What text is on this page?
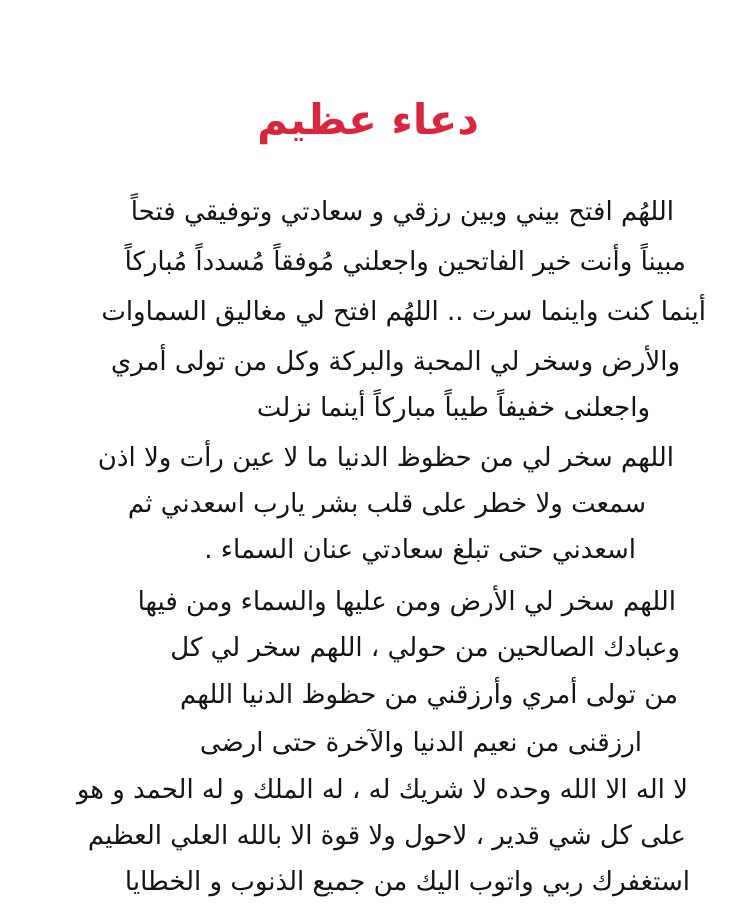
دعاء عظيم
اللهُم افتح بيني وبين رزقي و سعادتي وتوفيقي فتحاً
مبيناً وأنت خير الفاتحين واجعلني مُوفقاً مُسدداً مُباركاً
أينما كنت واينما سرت .. اللهُم افتح لي مغاليق السماوات
والأرض وسخر لي المحبة والبركة وكل من تولى أمري
واجعلنى خفيفاً طيباً مباركاً أينما نزلت
اللهم سخر لي من حظوظ الدنيا ما لا عين رأت ولا اذن
سمعت ولا خطر على قلب بشر يارب اسعدني ثم
اسعدني حتى تبلغ سعادتي عنان السماء .
اللهم سخر لي الأرض ومن عليها والسماء ومن فيها
وعبادك الصالحين من حولي ، اللهم سخر لي كل
من تولى أمري وأرزقني من حظوظ الدنيا اللهم
ارزقنى من نعيم الدنيا والآخرة حتى ارضى
لا اله الا الله وحده لا شريك له ، له الملك و له الحمد و هو
على كل شي قدير ، لاحول ولا قوة الا بالله العلي العظيم
استغفرك ربي واتوب اليك من جميع الذنوب و الخطايا
